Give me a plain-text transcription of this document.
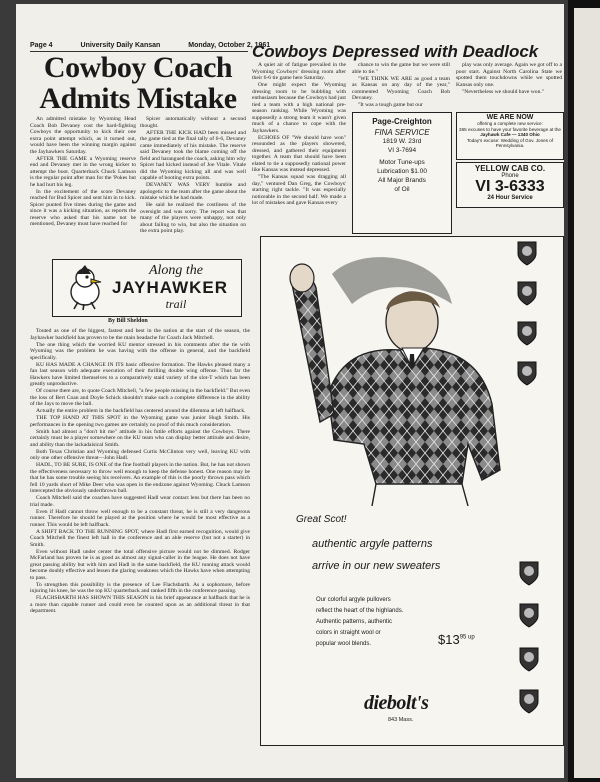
Page 4	University Daily Kansan	Monday, October 2, 1961
Cowboy Coach Admits Mistake

An admitted mistake by Wyoming Head Coach Bob Devaney cost the hard-fighting Cowboys the opportunity to kick their one extra point attempt which, as it turned out, would have been the winning margin against the Jayhawkers Saturday.

AFTER THE GAME a Wyoming reserve end and Devaney met in the wrong kicker to attempt the boot. Quarterback Chuck Lamson is the regular point after man for the 'Pokes but he had hurt his leg.

In the excitement of the score Devaney reached for Bud Spicer and sent him in to kick. Spicer punted five times during the game and since it was a kicking situation, as reports the reserve who asked that his name not be mentioned, Devaney must have reached for

Spicer automatically without a second thought.

AFTER THE KICK HAD been missed and the game tied at the final tally of 6-6, Devaney came immediately of his mistake. The reserve said Devaney took the blame coming off the field and harangued the coach, asking him why Spicer had kicked instead of Joe Vitale. Vitale did the Wyoming kicking all and was well capable of booting extra points.

DEVANEY WAS VERY humble and apologetic to the team after the game about the mistake which he had made.

He said he realized the costliness of the oversight and was sorry. The report was that many of the players were unhappy, not only about failing to win, but also the situation on the extra point play.

Along the
JAYHAWKER
trail
By Bill Sheldon

Touted as one of the biggest, fastest and best in the nation at the start of the season, the Jayhawker backfield has proven to be the main headache for Coach Jack Mitchell.

The one thing which the worried KU mentor stressed in his comments after the tie with Wyoming was the problem he was having with the offense in general, and the backfield specifically.

KU HAS MADE A CHANGE IN ITS basic offensive formation. The Hawks pleased many a fan last season with adequate execution of their thrilling double wing offense. Thus far the Hawkers have limited themselves to a comparatively staid variety of the slot-T which has been greatly unproductive.

Of course there are, to quote Coach Mitchell, "a few people missing in the backfield." But even the loss of Bert Coan and Doyle Schick shouldn't make such a complete difference in the ability of the Jays to move the ball.

Actually the entire problem in the backfield has centered around the dilemma at left halfback.

THE TOP HAND AT THIS SPOT in the Wyoming game was junior Hugh Smith. His performances in the opening two games are certainly no proof of this much consideration.

Smith had almost a "don't hit me" attitude in his futile efforts against the Cowboys. There certainly must be a player somewhere on the KU team who can display better attitude and desire, and ability than the lackadaisical Smith.

Both Texas Christian and Wyoming defensed Curtis McClinton very well, leaving KU with only one other offensive threat—John Hadl.

HADL, TO BE SURE, IS ONE of the fine football players in the nation. But, he has not shown the effectiveness necessary to throw well enough to keep the defense honest. One reason may be that he has some trouble seeing his receivers. An example of this is the poorly thrown pass which fell 10 yards short of Mike Deer who was open in the endzone against Wyoming. Chuck Lamson intercepted the obviously underthrown ball.

Coach Mitchell said the coaches have suggested Hadl wear contact lens but there has been no trial made.

Even if Hadl cannot throw well enough to be a constant threat, he is still a very dangerous runner. Therefore he should be played at the position where he would be most effective as a runner. This would be left halfback.

A SHIFT BACK TO THE RUNNING SPOT, where Hadl first earned recognition, would give Coach Mitchell the finest left hall in the conference and an able reserve (but not a starter) in Smith.

Even without Hadl under center the total offensive picture would not be dimmed. Rodger McFarland has proven he is as good as almost any signal-caller in the league. He does not have great passing ability but with him and Hadl in the same backfield, the KU running attack would become doubly effective and lessen the glaring weakness which the Hawks have when attempting to pass.

To strengthen this possibility is the presence of Lee Flachsbarth. As a sophomore, before injuring his knee, he was the top KU quarterback and ranked fifth in the conference passing.

FLACHSBARTH HAS SHOWN THIS SEASON in his brief appearance at halfback that he is a more than capable runner and could even be counted upon as an additional threat in that department.

Cowboys Depressed with Deadlock

A quiet air of fatigue prevailed in the Wyoming Cowboys' dressing room after their 6-6 tie game here Saturday.

One might expect the Wyoming dressing room to be bubbling with enthusiasm because the Cowboys had just tied a team with a high national pre-season ranking. While Wyoming was supposedly a strong team it wasn't given much of a chance to cope with the Jayhawkers.

ECHOES OF "We should have won" resounded as the players showered, dressed, and gathered their equipment together. A team that should have been elated to tie a supposedly national power like Kansas was instead depressed.

"The Kansas squad was dragging all day," ventured Dan Greg, the Cowboys' starting right tackle. "It was especially noticeable in the second half. We made a lot of mistakes and gave Kansas every

chance to win the game but we were still able to tie."

"WE THINK WE ARE as good a team as Kansas on any day of the year," commented Wyoming Coach Bob Devaney.

"It was a tough game but our

play was only average. Again we got off to a poor start. Against North Carolina State we spotted them touchdowns while we spotted Kansas only one.

"Nevertheless we should have won."

Page-Creighton
FINA SERVICE
1819 W. 23rd
VI 3-7694
Motor Tune-ups
Lubrication $1.00
All Major Brands
of Oil
WE ARE NOW
offering a complete new service:
365 excuses to have your favorite beverage at the
Jayhawk Cafe — 1340 Ohio
Today's excuse: Wedding of Gov. Jones of Pennsylvania.
YELLOW CAB CO.
Phone
VI 3-6333
24 Hour Service
Great Scot!
authentic argyle patterns
arrive in our new sweaters
Our colorful argyle pullovers
reflect the heart of the highlands.
Authentic patterns, authentic
colors in straight wool or
popular wool blends.	$\$13^{95 up}$
diebolt's
843 Mass.
